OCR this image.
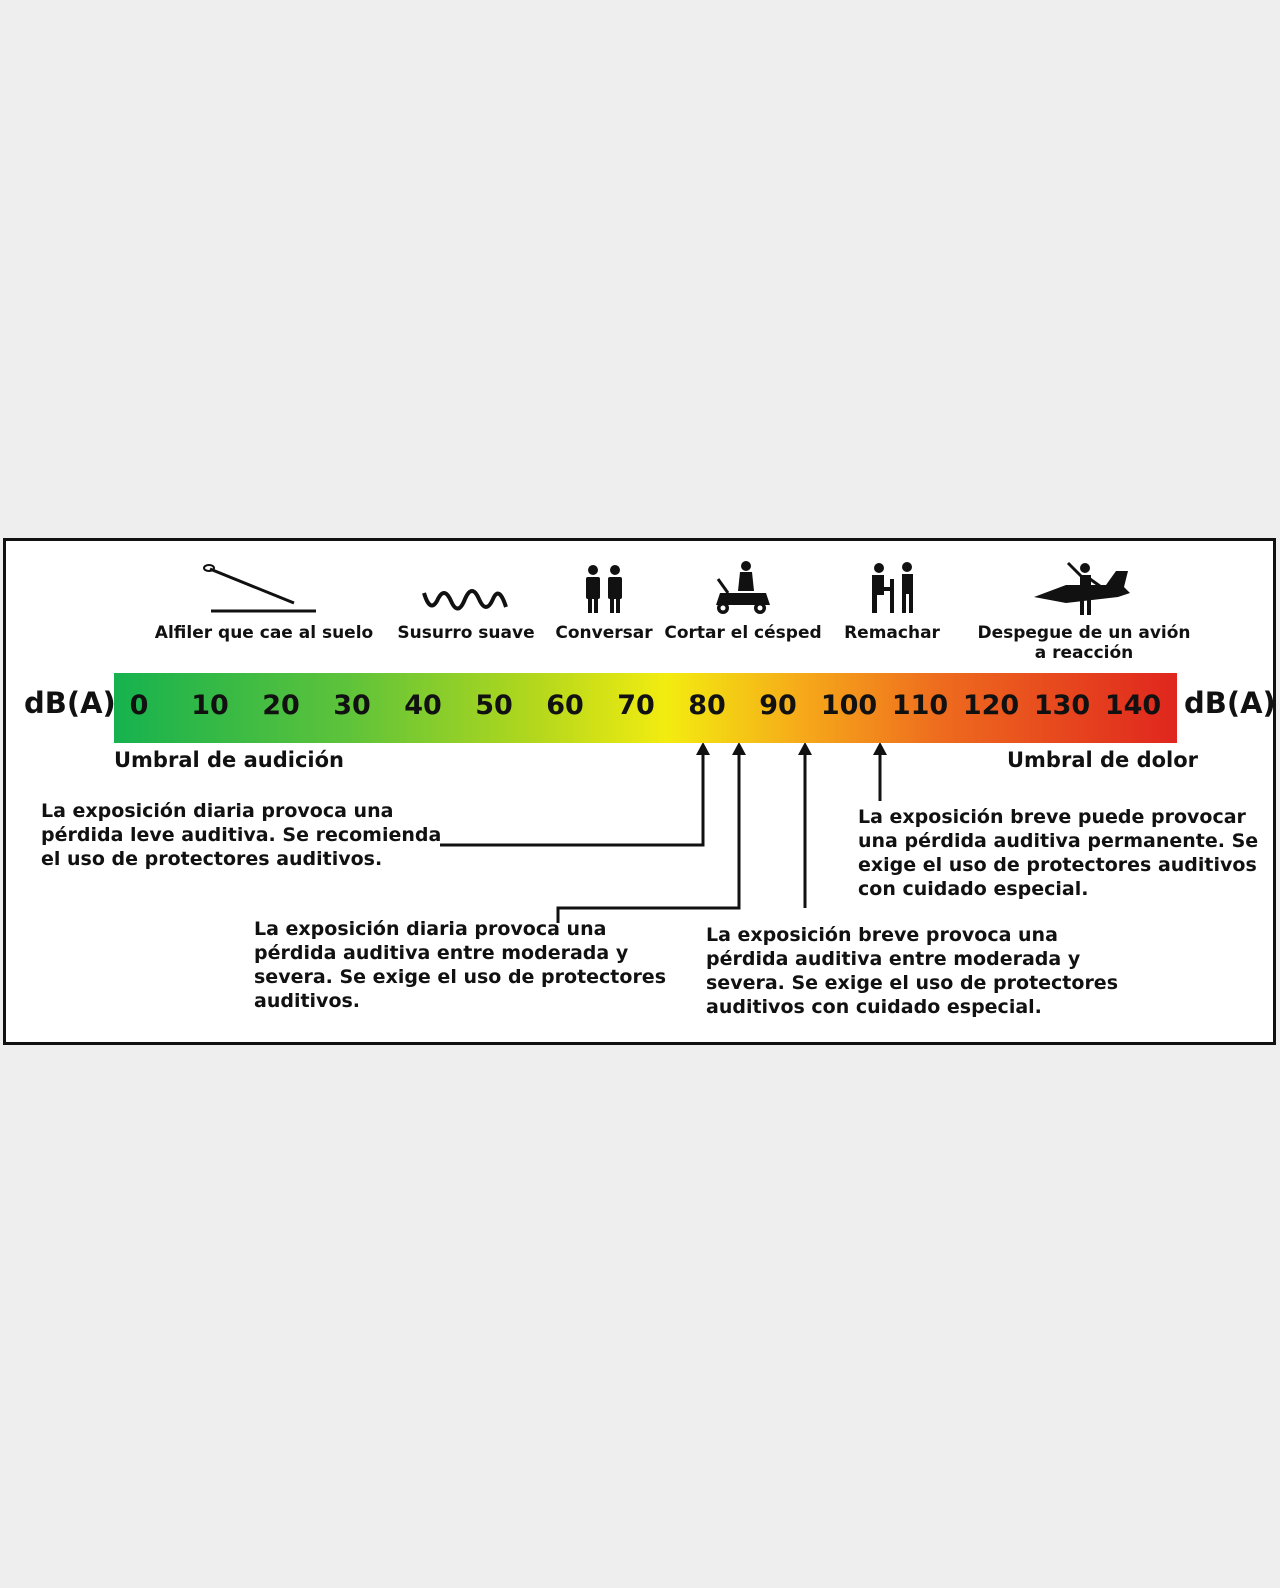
Alfiler que cae al suelo Susurro suave Conversar Cortar el césped Remachar Despegue de un avión
a reacción
dB(A)	dB(A)
0 10 20 30 40 50 60 70 80 90 100 110 120 130 140
Umbral de audición	Umbral de dolor
La exposición diaria provoca una
pérdida leve auditiva. Se recomienda
el uso de protectores auditivos.
La exposición diaria provoca una
pérdida auditiva entre moderada y
severa. Se exige el uso de protectores
auditivos.
La exposición breve provoca una
pérdida auditiva entre moderada y
severa. Se exige el uso de protectores
auditivos con cuidado especial.
La exposición breve puede provocar
una pérdida auditiva permanente. Se
exige el uso de protectores auditivos
con cuidado especial.
